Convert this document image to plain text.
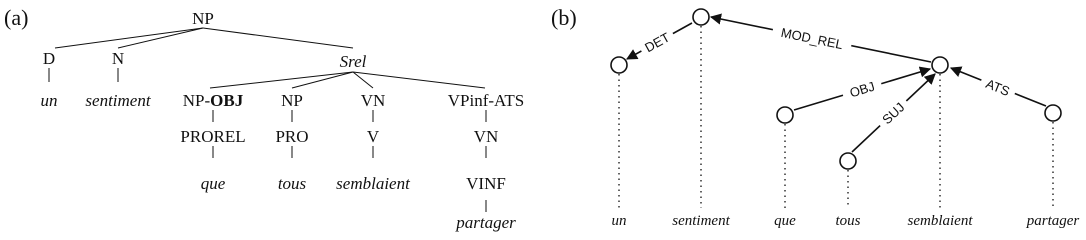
(a)	NP
D	N	Srel
un sentiment NP-OBJ NP	VN	VPinf-ATS
PROREL PRO	V	VN
que	tous semblaient	VINF
partager
(b)
DET	MOD_REL
OBJ
SUJ
ATS
un	sentiment	que	tous	semblaient	partager
